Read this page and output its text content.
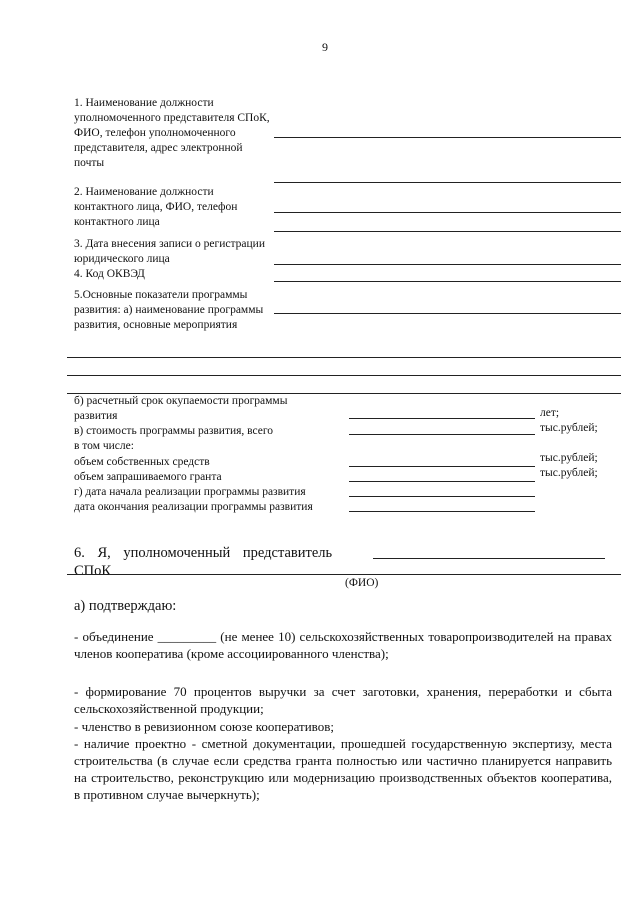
9
1. Наименование должности уполномоченного представителя СПоК, ФИО, телефон уполномоченного представителя, адрес электронной почты
2. Наименование должности контактного лица, ФИО, телефон контактного лица
3. Дата внесения записи о регистрации юридического лица
4. Код ОКВЭД
5.Основные показатели программы развития: а) наименование программы развития, основные мероприятия
б) расчетный срок окупаемости программы развития	лет;
в) стоимость программы развития, всего	тыс.рублей;
в том числе:
объем собственных средств	тыс.рублей;
объем запрашиваемого гранта	тыс.рублей;
г) дата начала реализации программы развития
дата окончания реализации программы развития
6. Я, уполномоченный представитель СПоК
(ФИО)
а) подтверждаю:
- объединение _________ (не менее 10) сельскохозяйственных товаропроизводителей на правах членов кооператива (кроме ассоциированного членства);
- формирование 70 процентов выручки за счет заготовки, хранения, переработки и сбыта сельскохозяйственной продукции;
- членство в ревизионном союзе кооперативов;
- наличие проектно - сметной документации, прошедшей государственную экспертизу, места строительства (в случае если средства гранта полностью или частично планируется направить на строительство, реконструкцию или модернизацию производственных объектов кооператива, в противном случае вычеркнуть);
